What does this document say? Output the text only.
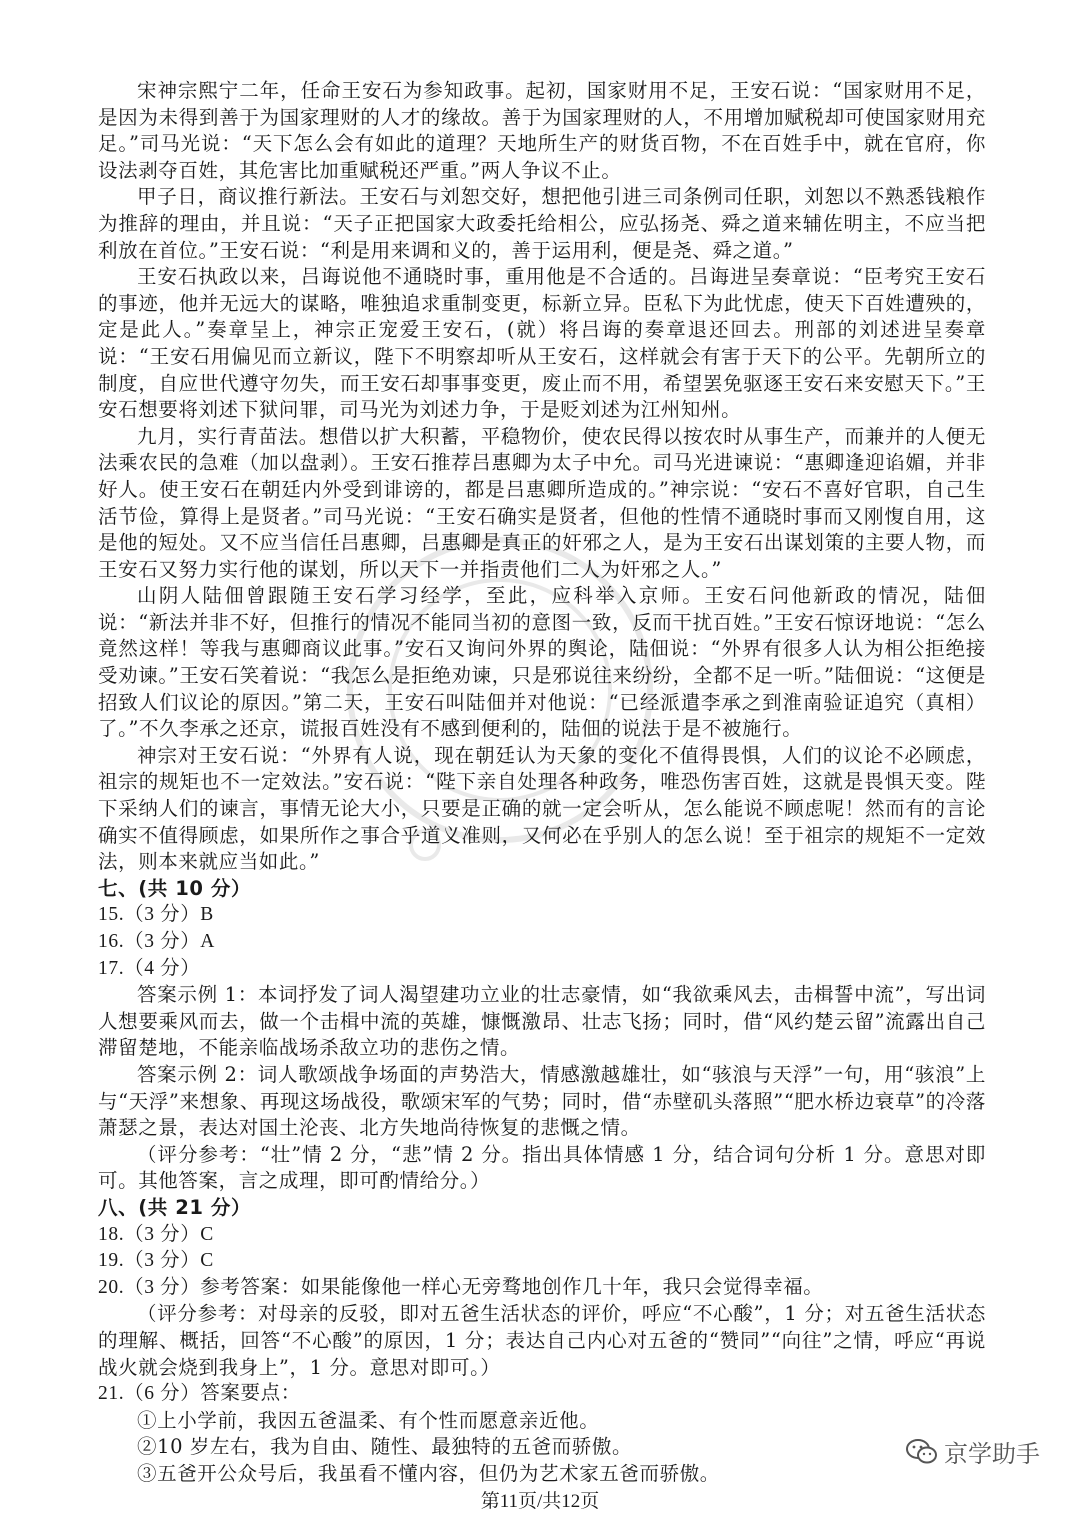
宋神宗熙宁二年，任命王安石为参知政事。起初，国家财用不足，王安石说：“国家财用不足，是因为未得到善于为国家理财的人才的缘故。善于为国家理财的人，不用增加赋税却可使国家财用充足。”司马光说：“天下怎么会有如此的道理？天地所生产的财货百物，不在百姓手中，就在官府，你设法剥夺百姓，其危害比加重赋税还严重。”两人争议不止。

甲子日，商议推行新法。王安石与刘恕交好，想把他引进三司条例司任职，刘恕以不熟悉钱粮作为推辞的理由，并且说：“天子正把国家大政委托给相公，应弘扬尧、舜之道来辅佐明主，不应当把利放在首位。”王安石说：“利是用来调和义的，善于运用利，便是尧、舜之道。”

王安石执政以来，吕诲说他不通晓时事，重用他是不合适的。吕诲进呈奏章说：“臣考究王安石的事迹，他并无远大的谋略，唯独追求重制变更，标新立异。臣私下为此忧虑，使天下百姓遭殃的，定是此人。”奏章呈上，神宗正宠爱王安石，(就）将吕诲的奏章退还回去。刑部的刘述进呈奏章说：“王安石用偏见而立新议，陛下不明察却听从王安石，这样就会有害于天下的公平。先朝所立的制度，自应世代遵守勿失，而王安石却事事变更，废止而不用，希望罢免驱逐王安石来安慰天下。”王安石想要将刘述下狱问罪，司马光为刘述力争，于是贬刘述为江州知州。

九月，实行青苗法。想借以扩大积蓄，平稳物价，使农民得以按农时从事生产，而兼并的人便无法乘农民的急难（加以盘剥）。王安石推荐吕惠卿为太子中允。司马光进谏说：“惠卿逢迎谄媚，并非好人。使王安石在朝廷内外受到诽谤的，都是吕惠卿所造成的。”神宗说：“安石不喜好官职，自己生活节俭，算得上是贤者。”司马光说：“王安石确实是贤者，但他的性情不通晓时事而又刚愎自用，这是他的短处。又不应当信任吕惠卿，吕惠卿是真正的奸邪之人，是为王安石出谋划策的主要人物，而王安石又努力实行他的谋划，所以天下一并指责他们二人为奸邪之人。”

山阴人陆佃曾跟随王安石学习经学，至此，应科举入京师。王安石问他新政的情况，陆佃说：“新法并非不好，但推行的情况不能同当初的意图一致，反而干扰百姓。”王安石惊讶地说：“怎么竟然这样！等我与惠卿商议此事。”安石又询问外界的舆论，陆佃说：“外界有很多人认为相公拒绝接受劝谏。”王安石笑着说：“我怎么是拒绝劝谏，只是邪说往来纷纷，全都不足一听。”陆佃说：“这便是招致人们议论的原因。”第二天，王安石叫陆佃并对他说：“已经派遣李承之到淮南验证追究（真相）了。”不久李承之还京，谎报百姓没有不感到便利的，陆佃的说法于是不被施行。

神宗对王安石说：“外界有人说，现在朝廷认为天象的变化不值得畏惧，人们的议论不必顾虑，祖宗的规矩也不一定效法。”安石说：“陛下亲自处理各种政务，唯恐伤害百姓，这就是畏惧天变。陛下采纳人们的谏言，事情无论大小，只要是正确的就一定会听从，怎么能说不顾虑呢！然而有的言论确实不值得顾虑，如果所作之事合乎道义准则，又何必在乎别人的怎么说！至于祖宗的规矩不一定效法，则本来就应当如此。”

七、(共 10 分）

15.（3 分）B

16.（3 分）A

17.（4 分）

答案示例 1：本词抒发了词人渴望建功立业的壮志豪情，如“我欲乘风去，击楫誓中流”，写出词人想要乘风而去，做一个击楫中流的英雄，慷慨激昂、壮志飞扬；同时，借“风约楚云留”流露出自己滞留楚地，不能亲临战场杀敌立功的悲伤之情。

答案示例 2：词人歌颂战争场面的声势浩大，情感激越雄壮，如“骇浪与天浮”一句，用“骇浪”上与“天浮”来想象、再现这场战役，歌颂宋军的气势；同时，借“赤壁矶头落照”“肥水桥边衰草”的冷落萧瑟之景，表达对国土沦丧、北方失地尚待恢复的悲慨之情。

（评分参考：“壮”情 2 分，“悲”情 2 分。指出具体情感 1 分，结合词句分析 1 分。意思对即可。其他答案，言之成理，即可酌情给分。）

八、(共 21 分）

18.（3 分）C

19.（3 分）C

20.（3 分）参考答案：如果能像他一样心无旁骛地创作几十年，我只会觉得幸福。

（评分参考：对母亲的反驳，即对五爸生活状态的评价，呼应“不心酸”，1 分；对五爸生活状态的理解、概括，回答“不心酸”的原因，1 分；表达自己内心对五爸的“赞同”“向往”之情，呼应“再说战火就会烧到我身上”，1 分。意思对即可。）

21.（6 分）答案要点：

①上小学前，我因五爸温柔、有个性而愿意亲近他。

②10 岁左右，我为自由、随性、最独特的五爸而骄傲。

③五爸开公众号后，我虽看不懂内容，但仍为艺术家五爸而骄傲。

京学助手
第11页/共12页
